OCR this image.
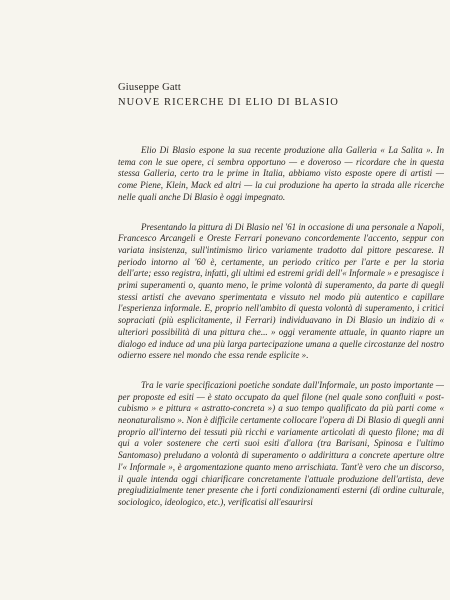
Giuseppe Gatt
NUOVE RICERCHE DI ELIO DI BLASIO

Elio Di Blasio espone la sua recente produzione alla Galleria « La Salita ». In tema con le sue opere, ci sembra opportuno — e doveroso — ricordare che in questa stessa Galleria, certo tra le prime in Italia, abbiamo visto esposte opere di artisti — come Piene, Klein, Mack ed altri — la cui produzione ha aperto la strada alle ricerche nelle quali anche Di Blasio è oggi impegnato.

Presentando la pittura di Di Blasio nel '61 in occasione di una personale a Napoli, Francesco Arcangeli e Oreste Ferrari ponevano concordemente l'accento, seppur con variata insistenza, sull'intimismo lirico variamente tradotto dal pittore pescarese. Il periodo intorno al '60 è, certamente, un periodo critico per l'arte e per la storia dell'arte; esso registra, infatti, gli ultimi ed estremi gridi dell'« Informale » e presagisce i primi superamenti o, quanto meno, le prime volontà di superamento, da parte di quegli stessi artisti che avevano sperimentata e vissuto nel modo più autentico e capillare l'esperienza informale. E, proprio nell'ambito di questa volontà di superamento, i critici sopraciati (più esplicitamente, il Ferrari) individuavano in Di Blasio un indizio di « ulteriori possibilità di una pittura che... » oggi veramente attuale, in quanto riapre un dialogo ed induce ad una più larga partecipazione umana a quelle circostanze del nostro odierno essere nel mondo che essa rende esplicite ».

Tra le varie specificazioni poetiche sondate dall'Informale, un posto importante — per proposte ed esiti — è stato occupato da quel filone (nel quale sono confluiti « post-cubismo » e pittura « astratto-concreta ») a suo tempo qualificato da più parti come « neonaturalismo ». Non è difficile certamente collocare l'opera di Di Blasio di quegli anni proprio all'interno dei tessuti più ricchi e variamente articolati di questo filone; ma di qui a voler sostenere che certi suoi esiti d'allora (tra Barisani, Spinosa e l'ultimo Santomaso) preludano a volontà di superamento o addirittura a concrete aperture oltre l'« Informale », è argomentazione quanto meno arrischiata. Tant'è vero che un discorso, il quale intenda oggi chiarificare concretamente l'attuale produzione dell'artista, deve pregiudizialmente tener presente che i forti condizionamenti esterni (di ordine culturale, sociologico, ideologico, etc.), verificatisi all'esaurirsi
